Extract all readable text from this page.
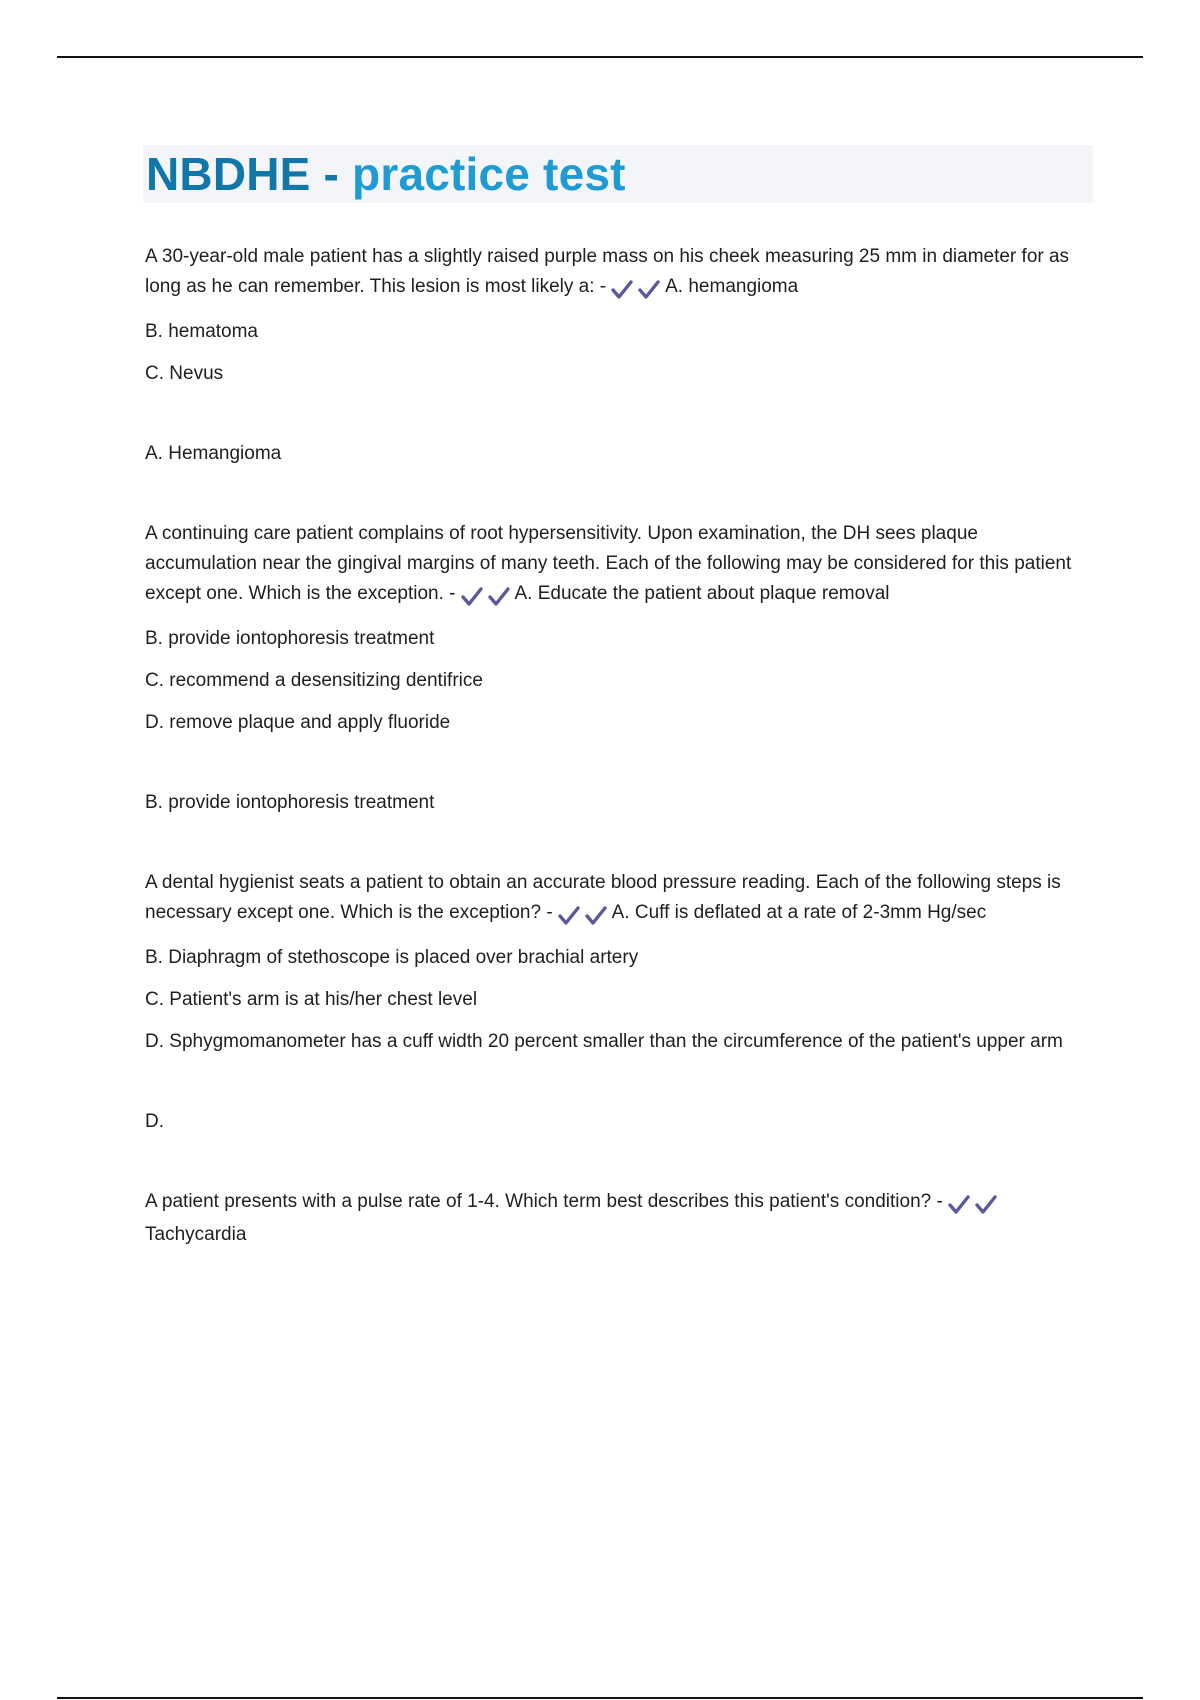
NBDHE - practice test

A 30-year-old male patient has a slightly raised purple mass on his cheek measuring 25 mm in diameter for as long as he can remember. This lesion is most likely a: -	A. hemangioma

B. hematoma

C. Nevus

A. Hemangioma

A continuing care patient complains of root hypersensitivity. Upon examination, the DH sees plaque accumulation near the gingival margins of many teeth. Each of the following may be considered for this patient except one. Which is the exception. -	A. Educate the patient about plaque removal

B. provide iontophoresis treatment

C. recommend a desensitizing dentifrice

D. remove plaque and apply fluoride

B. provide iontophoresis treatment

A dental hygienist seats a patient to obtain an accurate blood pressure reading. Each of the following steps is necessary except one. Which is the exception? -	A. Cuff is deflated at a rate of 2-3mm Hg/sec

B. Diaphragm of stethoscope is placed over brachial artery

C. Patient's arm is at his/her chest level

D. Sphygmomanometer has a cuff width 20 percent smaller than the circumference of the patient's upper arm

D.

A patient presents with a pulse rate of 1-4. Which term best describes this patient's condition? -Tachycardia
